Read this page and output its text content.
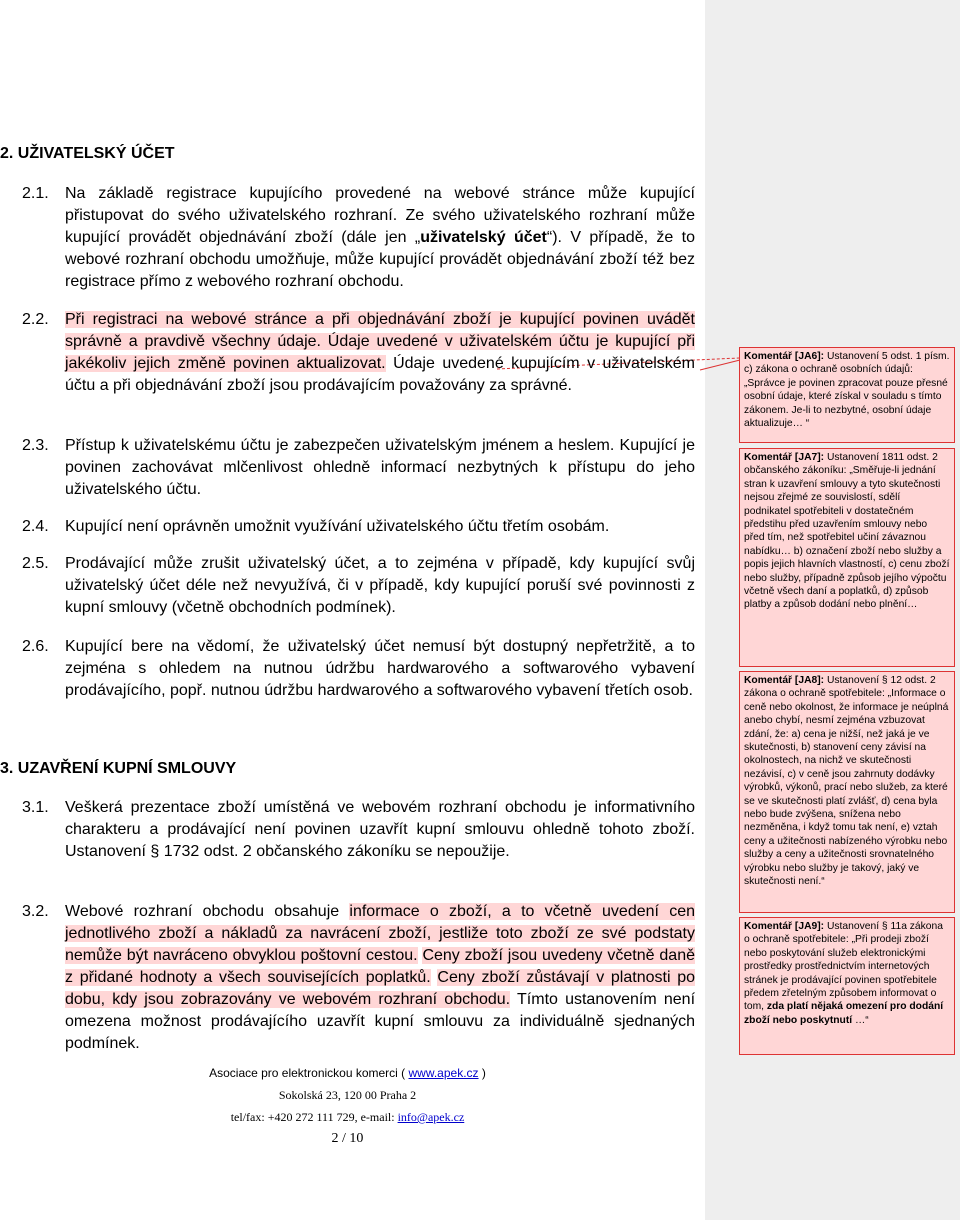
2. UŽIVATELSKÝ ÚČET
2.1. Na základě registrace kupujícího provedené na webové stránce může kupující přistupovat do svého uživatelského rozhraní. Ze svého uživatelského rozhraní může kupující provádět objednávání zboží (dále jen „uživatelský účet“). V případě, že to webové rozhraní obchodu umožňuje, může kupující provádět objednávání zboží též bez registrace přímo z webového rozhraní obchodu.
2.2. Při registraci na webové stránce a při objednávání zboží je kupující povinen uvádět správně a pravdivě všechny údaje. Údaje uvedené v uživatelském účtu je kupující při jakékoliv jejich změně povinen aktualizovat. Údaje uvedené kupujícím v uživatelském účtu a při objednávání zboží jsou prodávajícím považovány za správné.
2.3. Přístup k uživatelskému účtu je zabezpečen uživatelským jménem a heslem. Kupující je povinen zachovávat mlčenlivost ohledně informací nezbytných k přístupu do jeho uživatelského účtu.
2.4. Kupující není oprávněn umožnit využívání uživatelského účtu třetím osobám.
2.5. Prodávající může zrušit uživatelský účet, a to zejména v případě, kdy kupující svůj uživatelský účet déle než nevyužívá, či v případě, kdy kupující poruší své povinnosti z kupní smlouvy (včetně obchodních podmínek).
2.6. Kupující bere na vědomí, že uživatelský účet nemusí být dostupný nepřetržitě, a to zejména s ohledem na nutnou údržbu hardwarového a softwarového vybavení prodávajícího, popř. nutnou údržbu hardwarového a softwarového vybavení třetích osob.
3. UZAVŘENÍ KUPNÍ SMLOUVY
3.1. Veškerá prezentace zboží umístěná ve webovém rozhraní obchodu je informativního charakteru a prodávající není povinen uzavřít kupní smlouvu ohledně tohoto zboží. Ustanovení § 1732 odst. 2 občanského zákoníku se nepoužije.
3.2. Webové rozhraní obchodu obsahuje informace o zboží, a to včetně uvedení cen jednotlivého zboží a nákladů za navrácení zboží, jestliže toto zboží ze své podstaty nemůže být navráceno obvyklou poštovní cestou. Ceny zboží jsou uvedeny včetně daně z přidané hodnoty a všech souvisejících poplatků. Ceny zboží zůstávají v platnosti po dobu, kdy jsou zobrazovány ve webovém rozhraní obchodu. Tímto ustanovením není omezena možnost prodávajícího uzavřít kupní smlouvu za individuálně sjednaných podmínek.

Asociace pro elektronickou komerci ( www.apek.cz )

Sokolská 23, 120 00 Praha 2

tel/fax: +420 272 111 729, e-mail: info@apek.cz

2 / 10

Komentář [JA6]: Ustanovení 5 odst. 1 písm. c) zákona o ochraně osobních údajů: „Správce je povinen zpracovat pouze přesné osobní údaje, které získal v souladu s tímto zákonem. Je-li to nezbytné, osobní údaje aktualizuje… “
Komentář [JA7]: Ustanovení 1811 odst. 2 občanského zákoníku: „Směřuje-li jednání stran k uzavření smlouvy a tyto skutečnosti nejsou zřejmé ze souvislostí, sdělí podnikatel spotřebiteli v dostatečném předstihu před uzavřením smlouvy nebo před tím, než spotřebitel učiní závaznou nabídku… b) označení zboží nebo služby a popis jejich hlavních vlastností, c) cenu zboží nebo služby, případně způsob jejího výpočtu včetně všech daní a poplatků, d) způsob platby a způsob dodání nebo plnění…
Komentář [JA8]: Ustanovení § 12 odst. 2 zákona o ochraně spotřebitele: „Informace o ceně nebo okolnost, že informace je neúplná anebo chybí, nesmí zejména vzbuzovat zdání, že: a) cena je nižší, než jaká je ve skutečnosti, b) stanovení ceny závisí na okolnostech, na nichž ve skutečnosti nezávisí, c) v ceně jsou zahrnuty dodávky výrobků, výkonů, prací nebo služeb, za které se ve skutečnosti platí zvlášť, d) cena byla nebo bude zvýšena, snížena nebo nezměněna, i když tomu tak není, e) vztah ceny a užitečnosti nabízeného výrobku nebo služby a ceny a užitečnosti srovnatelného výrobku nebo služby je takový, jaký ve skutečnosti není.“
Komentář [JA9]: Ustanovení § 11a zákona o ochraně spotřebitele: „Při prodeji zboží nebo poskytování služeb elektronickými prostředky prostřednictvím internetových stránek je prodávající povinen spotřebitele předem zřetelným způsobem informovat o tom, zda platí nějaká omezení pro dodání zboží nebo poskytnutí …“
